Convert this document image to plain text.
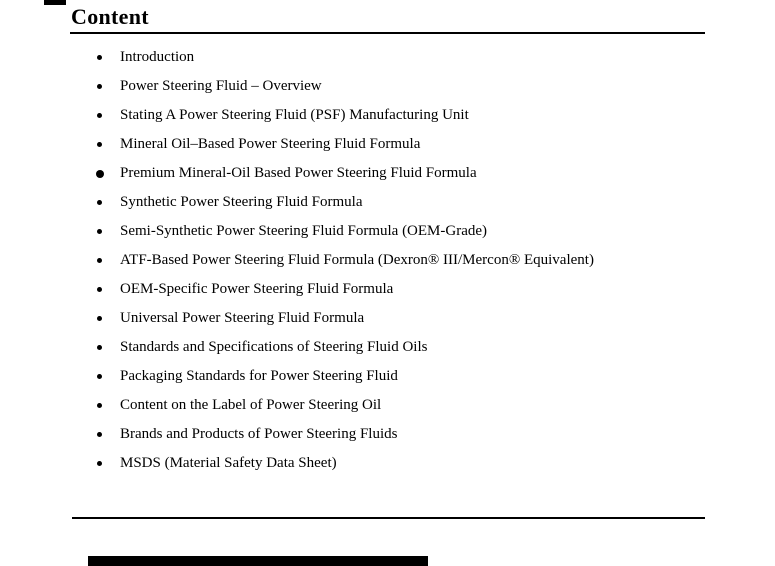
Content
Introduction
Power Steering Fluid – Overview
Stating A Power Steering Fluid (PSF) Manufacturing Unit
Mineral Oil–Based Power Steering Fluid Formula
Premium Mineral-Oil Based Power Steering Fluid Formula
Synthetic Power Steering Fluid Formula
Semi-Synthetic Power Steering Fluid Formula (OEM-Grade)
ATF-Based Power Steering Fluid Formula (Dexron® III/Mercon® Equivalent)
OEM-Specific Power Steering Fluid Formula
Universal Power Steering Fluid Formula
Standards and Specifications of Steering Fluid Oils
Packaging Standards for Power Steering Fluid
Content on the Label of Power Steering Oil
Brands and Products of Power Steering Fluids
MSDS (Material Safety Data Sheet)
